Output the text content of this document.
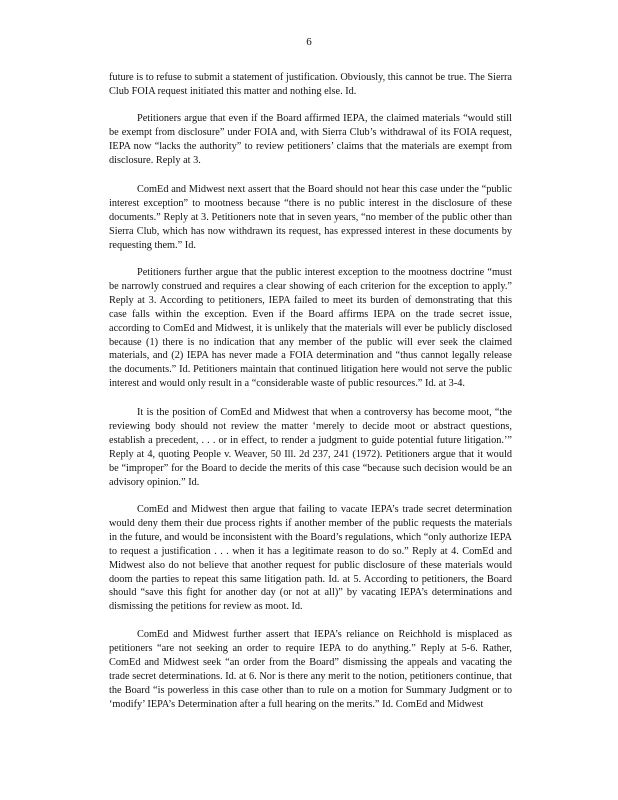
6

future is to refuse to submit a statement of justification. Obviously, this cannot be true. The Sierra Club FOIA request initiated this matter and nothing else. Id.

Petitioners argue that even if the Board affirmed IEPA, the claimed materials “would still be exempt from disclosure” under FOIA and, with Sierra Club’s withdrawal of its FOIA request, IEPA now “lacks the authority” to review petitioners’ claims that the materials are exempt from disclosure. Reply at 3.

ComEd and Midwest next assert that the Board should not hear this case under the “public interest exception” to mootness because “there is no public interest in the disclosure of these documents.” Reply at 3. Petitioners note that in seven years, “no member of the public other than Sierra Club, which has now withdrawn its request, has expressed interest in these documents by requesting them.” Id.

Petitioners further argue that the public interest exception to the mootness doctrine “must be narrowly construed and requires a clear showing of each criterion for the exception to apply.” Reply at 3. According to petitioners, IEPA failed to meet its burden of demonstrating that this case falls within the exception. Even if the Board affirms IEPA on the trade secret issue, according to ComEd and Midwest, it is unlikely that the materials will ever be publicly disclosed because (1) there is no indication that any member of the public will ever seek the claimed materials, and (2) IEPA has never made a FOIA determination and “thus cannot legally release the documents.” Id. Petitioners maintain that continued litigation here would not serve the public interest and would only result in a “considerable waste of public resources.” Id. at 3-4.

It is the position of ComEd and Midwest that when a controversy has become moot, “the reviewing body should not review the matter ‘merely to decide moot or abstract questions, establish a precedent, . . . or in effect, to render a judgment to guide potential future litigation.’” Reply at 4, quoting People v. Weaver, 50 Ill. 2d 237, 241 (1972). Petitioners argue that it would be “improper” for the Board to decide the merits of this case “because such decision would be an advisory opinion.” Id.

ComEd and Midwest then argue that failing to vacate IEPA’s trade secret determination would deny them their due process rights if another member of the public requests the materials in the future, and would be inconsistent with the Board’s regulations, which “only authorize IEPA to request a justification . . . when it has a legitimate reason to do so.” Reply at 4. ComEd and Midwest also do not believe that another request for public disclosure of these materials would doom the parties to repeat this same litigation path. Id. at 5. According to petitioners, the Board should “save this fight for another day (or not at all)” by vacating IEPA’s determinations and dismissing the petitions for review as moot. Id.

ComEd and Midwest further assert that IEPA’s reliance on Reichhold is misplaced as petitioners “are not seeking an order to require IEPA to do anything.” Reply at 5-6. Rather, ComEd and Midwest seek “an order from the Board” dismissing the appeals and vacating the trade secret determinations. Id. at 6. Nor is there any merit to the notion, petitioners continue, that the Board “is powerless in this case other than to rule on a motion for Summary Judgment or to ‘modify’ IEPA’s Determination after a full hearing on the merits.” Id. ComEd and Midwest
